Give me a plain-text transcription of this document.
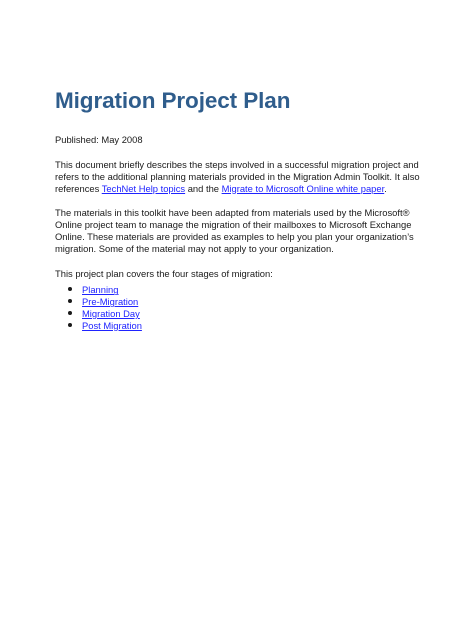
Migration Project Plan
Published: May 2008

This document briefly describes the steps involved in a successful migration project and refers to the additional planning materials provided in the Migration Admin Toolkit. It also references TechNet Help topics and the Migrate to Microsoft Online white paper.

The materials in this toolkit have been adapted from materials used by the Microsoft® Online project team to manage the migration of their mailboxes to Microsoft Exchange Online. These materials are provided as examples to help you plan your organization’s migration. Some of the material may not apply to your organization.

This project plan covers the four stages of migration:

Planning
Pre-Migration
Migration Day
Post Migration
